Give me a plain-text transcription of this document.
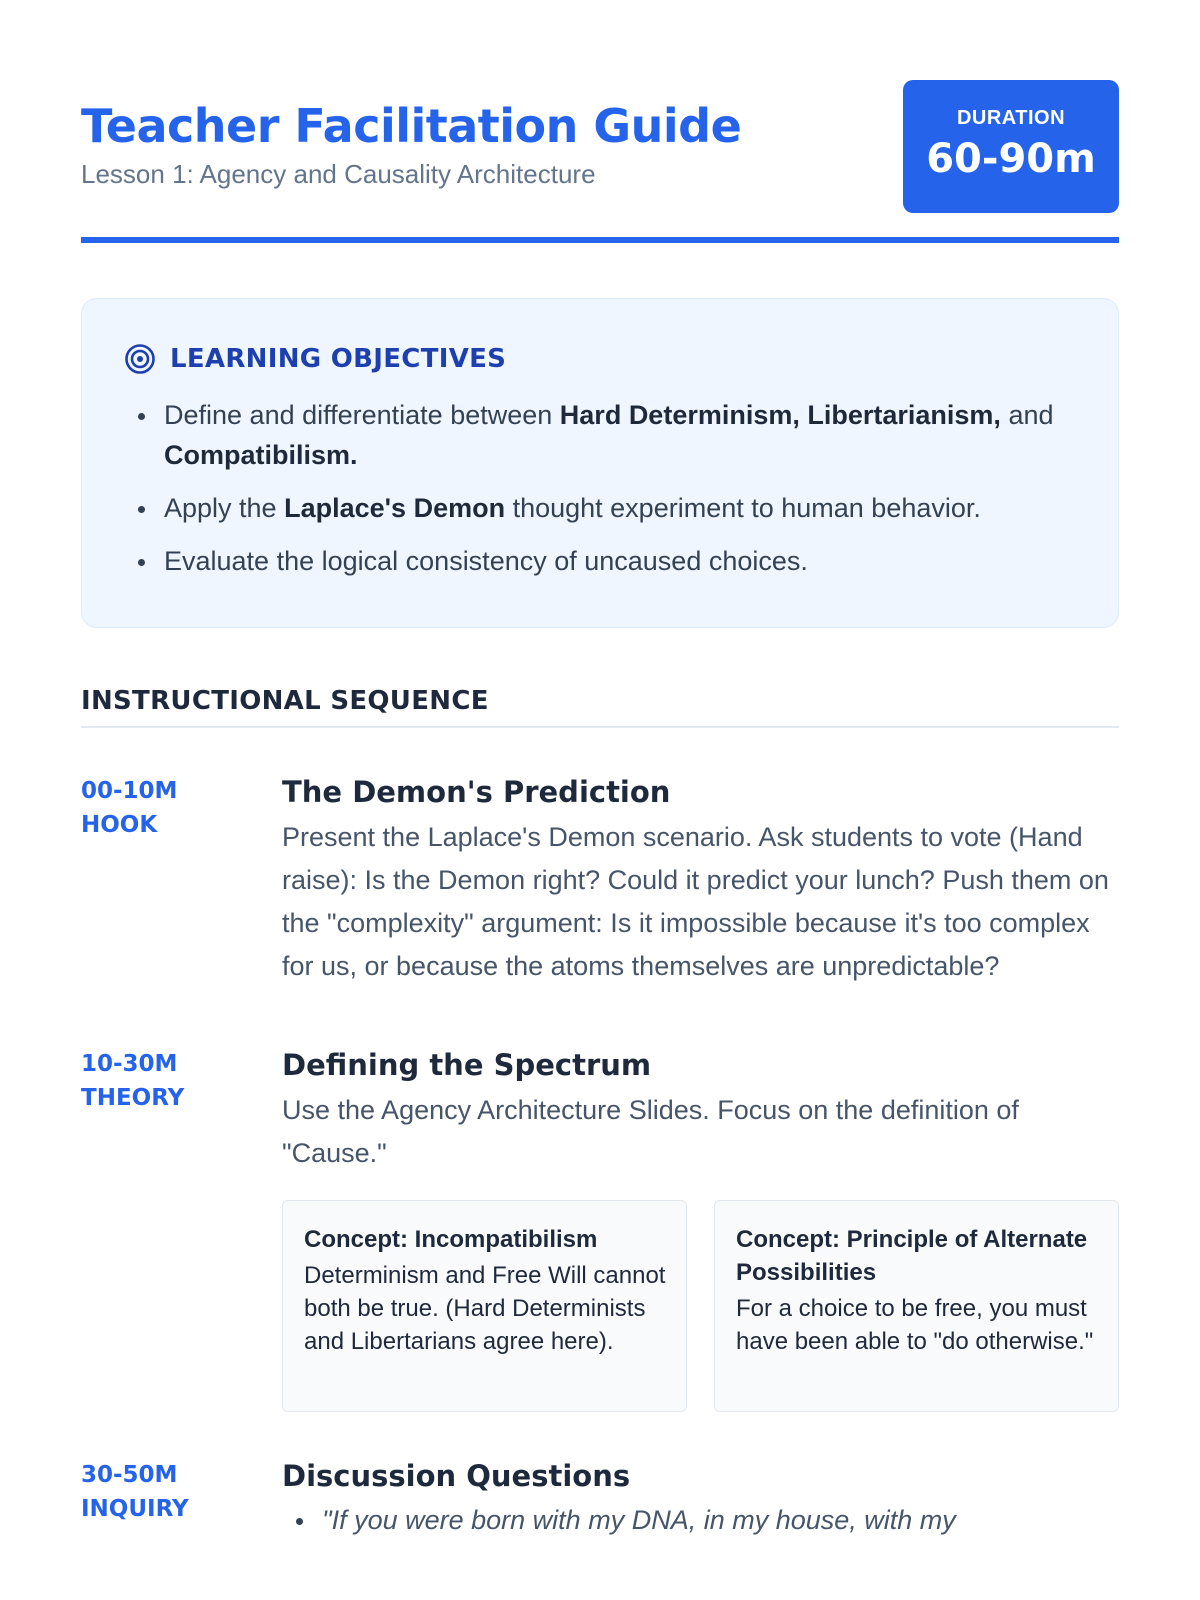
Teacher Facilitation Guide
Lesson 1: Agency and Causality Architecture
DURATION
60-90m
LEARNING OBJECTIVES
Define and differentiate between Hard Determinism, Libertarianism, and Compatibilism.
Apply the Laplace's Demon thought experiment to human behavior.
Evaluate the logical consistency of uncaused choices.
INSTRUCTIONAL SEQUENCE
00-10M
HOOK
The Demon's Prediction

Present the Laplace's Demon scenario. Ask students to vote (Hand raise): Is the Demon right? Could it predict your lunch? Push them on the "complexity" argument: Is it impossible because it's too complex for us, or because the atoms themselves are unpredictable?

10-30M
THEORY
Defining the Spectrum

Use the Agency Architecture Slides. Focus on the definition of "Cause."

Concept: Incompatibilism
Determinism and Free Will cannot both be true. (Hard Determinists and Libertarians agree here).
Concept: Principle of Alternate Possibilities
For a choice to be free, you must have been able to "do otherwise."
30-50M
INQUIRY
Discussion Questions
"If you were born with my DNA, in my house, with my
